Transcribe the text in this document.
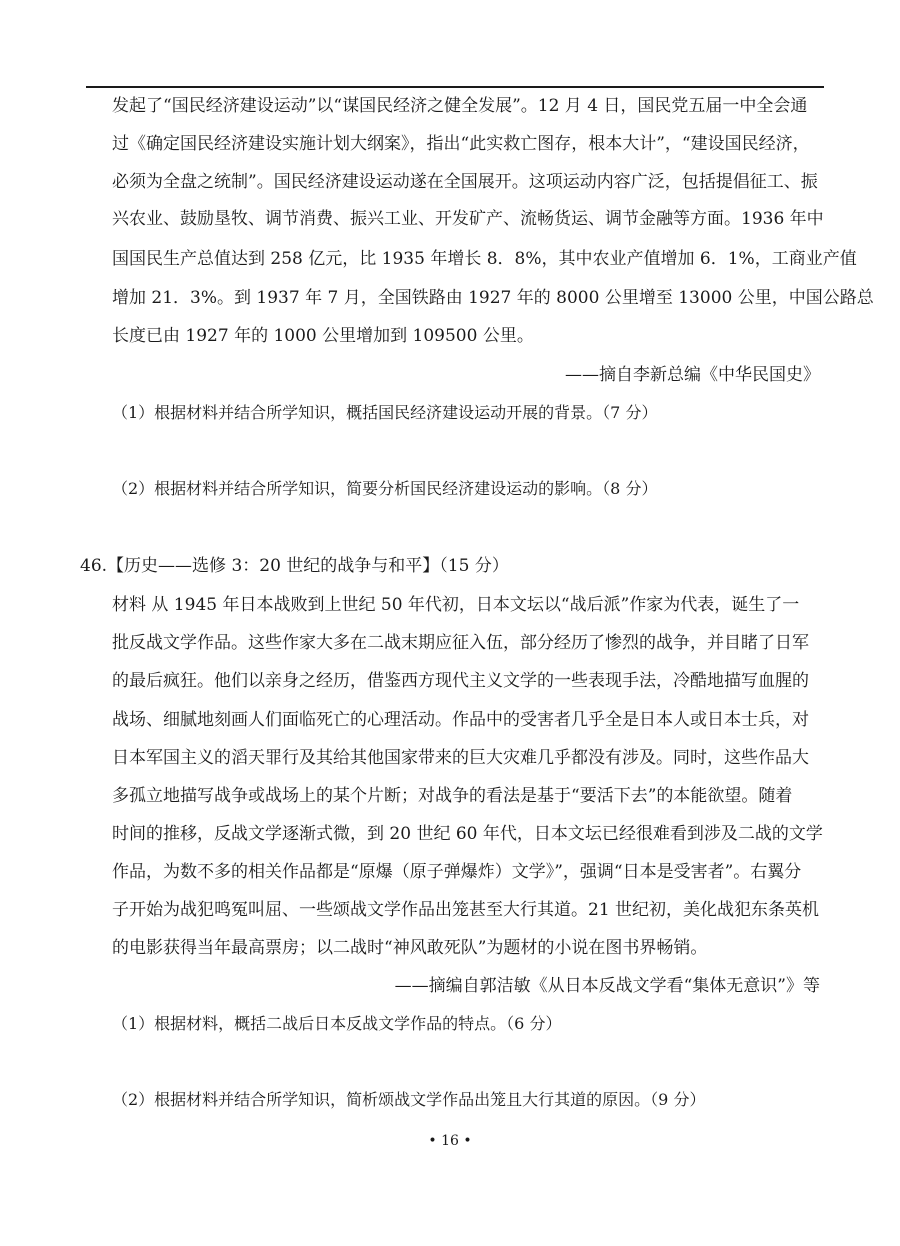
发起了“国民经济建设运动”以“谋国民经济之健全发展”。12 月 4 日，国民党五届一中全会通
过《确定国民经济建设实施计划大纲案》，指出“此实救亡图存，根本大计”，“建设国民经济，
必须为全盘之统制”。国民经济建设运动遂在全国展开。这项运动内容广泛，包括提倡征工、振
兴农业、鼓励垦牧、调节消费、振兴工业、开发矿产、流畅货运、调节金融等方面。1936 年中
国国民生产总值达到 258 亿元，比 1935 年增长 8．8%，其中农业产值增加 6．1%，工商业产值
增加 21．3%。到 1937 年 7 月，全国铁路由 1927 年的 8000 公里增至 13000 公里，中国公路总
长度已由 1927 年的 1000 公里增加到 109500 公里。
——摘自李新总编《中华民国史》
（1）根据材料并结合所学知识，概括国民经济建设运动开展的背景。（7 分）
（2）根据材料并结合所学知识，简要分析国民经济建设运动的影响。（8 分）
46.【历史——选修 3：20 世纪的战争与和平】（15 分）
材料 从 1945 年日本战败到上世纪 50 年代初，日本文坛以“战后派”作家为代表，诞生了一
批反战文学作品。这些作家大多在二战末期应征入伍，部分经历了惨烈的战争，并目睹了日军
的最后疯狂。他们以亲身之经历，借鉴西方现代主义文学的一些表现手法，冷酷地描写血腥的
战场、细腻地刻画人们面临死亡的心理活动。作品中的受害者几乎全是日本人或日本士兵，对
日本军国主义的滔天罪行及其给其他国家带来的巨大灾难几乎都没有涉及。同时，这些作品大
多孤立地描写战争或战场上的某个片断；对战争的看法是基于“要活下去”的本能欲望。随着
时间的推移，反战文学逐渐式微，到 20 世纪 60 年代，日本文坛已经很难看到涉及二战的文学
作品，为数不多的相关作品都是“原爆（原子弹爆炸）文学》”，强调“日本是受害者”。右翼分
子开始为战犯鸣冤叫屈、一些颂战文学作品出笼甚至大行其道。21 世纪初，美化战犯东条英机
的电影获得当年最高票房；以二战时“神风敢死队”为题材的小说在图书界畅销。
——摘编自郭洁敏《从日本反战文学看“集体无意识”》等
（1）根据材料，概括二战后日本反战文学作品的特点。（6 分）
（2）根据材料并结合所学知识，简析颂战文学作品出笼且大行其道的原因。（9 分）
• 16 •
